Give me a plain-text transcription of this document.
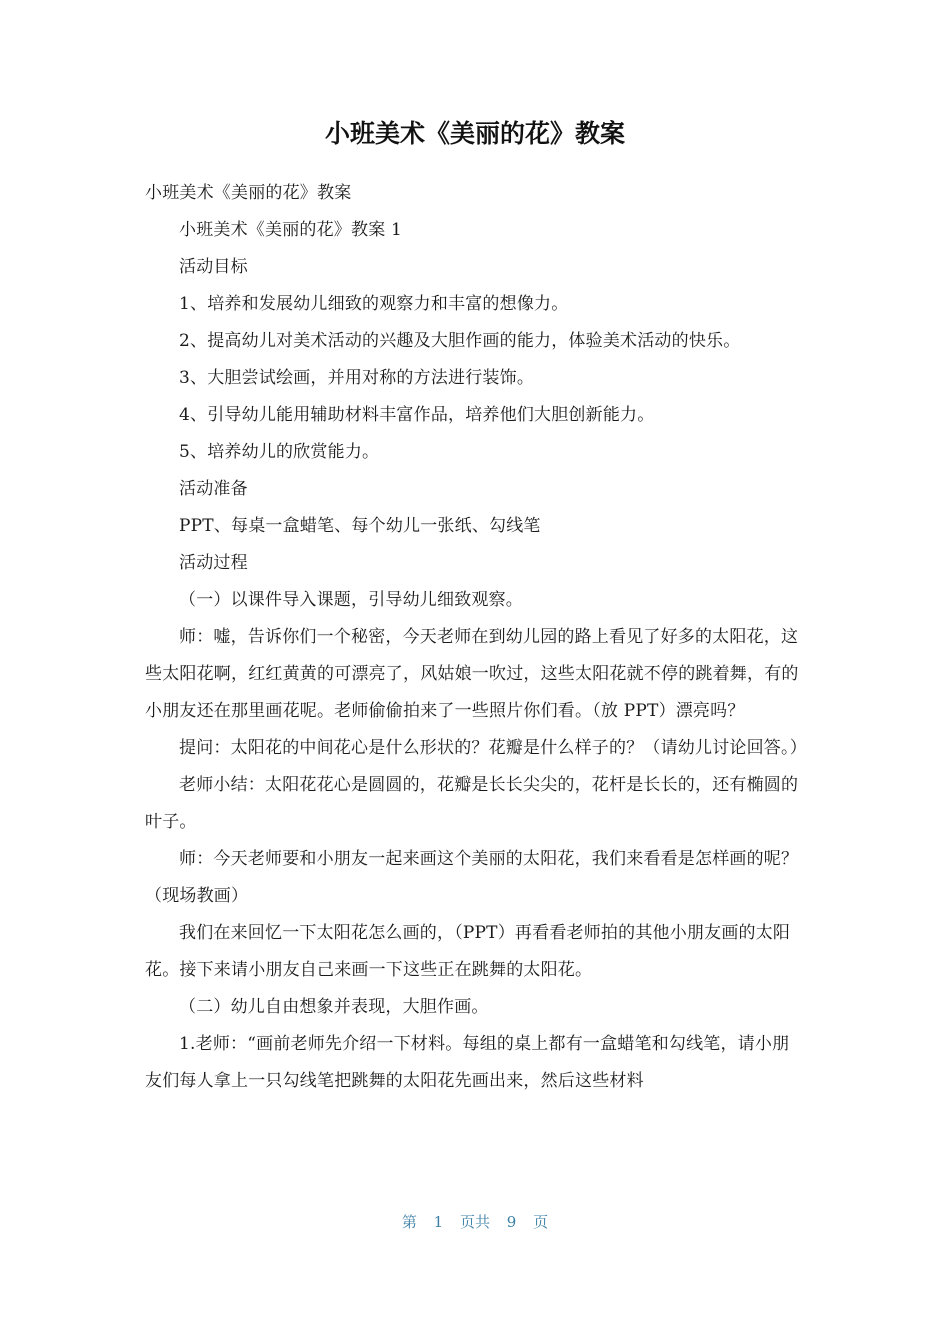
小班美术《美丽的花》教案

小班美术《美丽的花》教案

小班美术《美丽的花》教案 1

活动目标

1、培养和发展幼儿细致的观察力和丰富的想像力。

2、提高幼儿对美术活动的兴趣及大胆作画的能力，体验美术活动的快乐。

3、大胆尝试绘画，并用对称的方法进行装饰。

4、引导幼儿能用辅助材料丰富作品，培养他们大胆创新能力。

5、培养幼儿的欣赏能力。

活动准备

PPT、每桌一盒蜡笔、每个幼儿一张纸、勾线笔

活动过程

（一）以课件导入课题，引导幼儿细致观察。

师：嘘，告诉你们一个秘密，今天老师在到幼儿园的路上看见了好多的太阳花，这些太阳花啊，红红黄黄的可漂亮了，风姑娘一吹过，这些太阳花就不停的跳着舞，有的小朋友还在那里画花呢。老师偷偷拍来了一些照片你们看。（放 PPT）漂亮吗？

提问：太阳花的中间花心是什么形状的？花瓣是什么样子的？（请幼儿讨论回答。）

老师小结：太阳花花心是圆圆的，花瓣是长长尖尖的，花杆是长长的，还有椭圆的叶子。

师：今天老师要和小朋友一起来画这个美丽的太阳花，我们来看看是怎样画的呢？（现场教画）

我们在来回忆一下太阳花怎么画的，（PPT）再看看老师拍的其他小朋友画的太阳花。接下来请小朋友自己来画一下这些正在跳舞的太阳花。

（二）幼儿自由想象并表现，大胆作画。

1.老师：“画前老师先介绍一下材料。每组的桌上都有一盒蜡笔和勾线笔，请小朋友们每人拿上一只勾线笔把跳舞的太阳花先画出来，然后这些材料

第 1 页共 9 页
